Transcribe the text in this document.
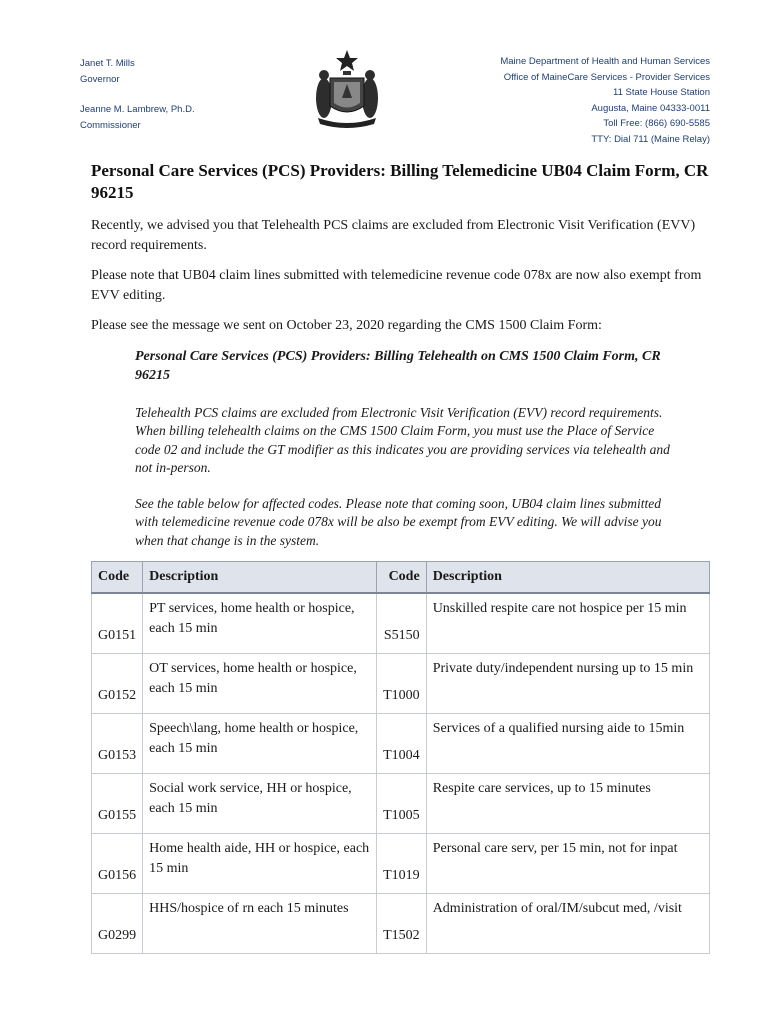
Janet T. Mills
Governor
Jeanne M. Lambrew, Ph.D.
Commissioner
Maine Department of Health and Human Services
Office of MaineCare Services - Provider Services
11 State House Station
Augusta, Maine 04333-0011
Toll Free: (866) 690-5585
TTY: Dial 711 (Maine Relay)
Personal Care Services (PCS) Providers: Billing Telemedicine UB04 Claim Form, CR 96215

Recently, we advised you that Telehealth PCS claims are excluded from Electronic Visit Verification (EVV) record requirements.

Please note that UB04 claim lines submitted with telemedicine revenue code 078x are now also exempt from EVV editing.

Please see the message we sent on October 23, 2020 regarding the CMS 1500 Claim Form:

Personal Care Services (PCS) Providers: Billing Telehealth on CMS 1500 Claim Form, CR 96215

Telehealth PCS claims are excluded from Electronic Visit Verification (EVV) record requirements. When billing telehealth claims on the CMS 1500 Claim Form, you must use the Place of Service code 02 and include the GT modifier as this indicates you are providing services via telehealth and not in-person.

See the table below for affected codes. Please note that coming soon, UB04 claim lines submitted with telemedicine revenue code 078x will be also be exempt from EVV editing. We will advise you when that change is in the system.

Code	Description	Code	Description
G0151	PT services, home health or hospice, each 15 min	S5150	Unskilled respite care not hospice per 15 min
G0152	OT services, home health or hospice, each 15 min	T1000	Private duty/independent nursing up to 15 min
G0153	Speech\lang, home health or hospice, each 15 min	T1004	Services of a qualified nursing aide to 15min
G0155	Social work service, HH or hospice, each 15 min	T1005	Respite care services, up to 15 minutes
G0156	Home health aide, HH or hospice, each 15 min	T1019	Personal care serv, per 15 min, not for inpat
G0299	HHS/hospice of rn each 15 minutes	T1502	Administration of oral/IM/subcut med, /visit
